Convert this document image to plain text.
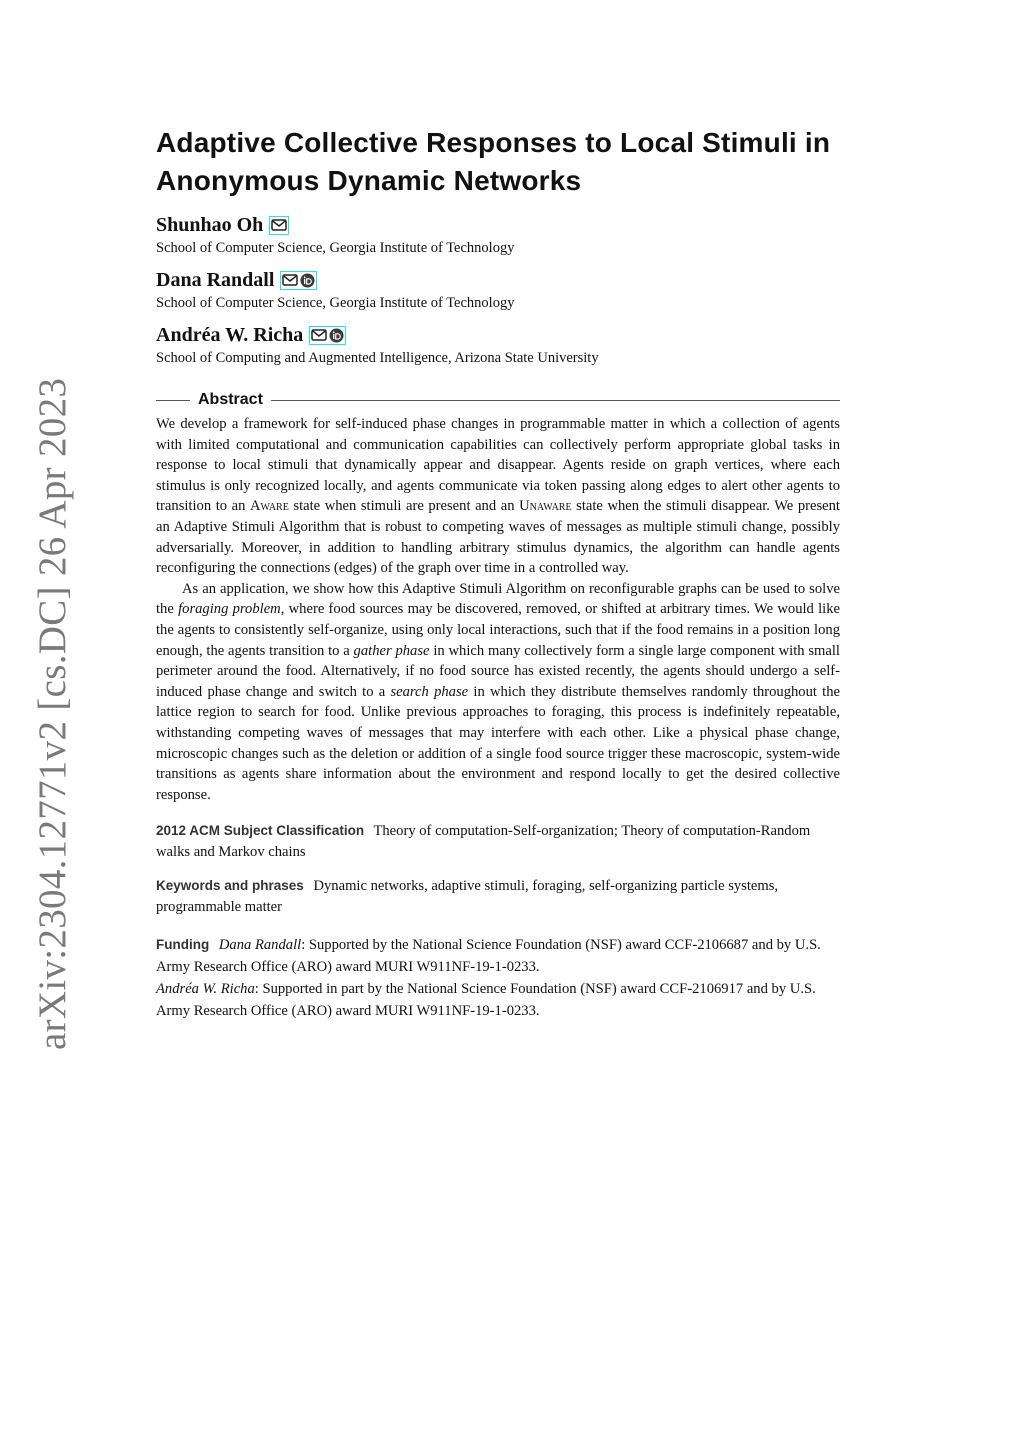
arXiv:2304.12771v2 [cs.DC] 26 Apr 2023
Adaptive Collective Responses to Local Stimuli in
Anonymous Dynamic Networks
Shunhao Oh
School of Computer Science, Georgia Institute of Technology
Dana Randall
School of Computer Science, Georgia Institute of Technology
Andréa W. Richa
School of Computing and Augmented Intelligence, Arizona State University
Abstract

We develop a framework for self-induced phase changes in programmable matter in which a collection of agents with limited computational and communication capabilities can collectively perform appropriate global tasks in response to local stimuli that dynamically appear and disappear. Agents reside on graph vertices, where each stimulus is only recognized locally, and agents communicate via token passing along edges to alert other agents to transition to an Aware state when stimuli are present and an Unaware state when the stimuli disappear. We present an Adaptive Stimuli Algorithm that is robust to competing waves of messages as multiple stimuli change, possibly adversarially. Moreover, in addition to handling arbitrary stimulus dynamics, the algorithm can handle agents reconfiguring the connections (edges) of the graph over time in a controlled way.

As an application, we show how this Adaptive Stimuli Algorithm on reconfigurable graphs can be used to solve the foraging problem, where food sources may be discovered, removed, or shifted at arbitrary times. We would like the agents to consistently self-organize, using only local interactions, such that if the food remains in a position long enough, the agents transition to a gather phase in which many collectively form a single large component with small perimeter around the food. Alternatively, if no food source has existed recently, the agents should undergo a self-induced phase change and switch to a search phase in which they distribute themselves randomly throughout the lattice region to search for food. Unlike previous approaches to foraging, this process is indefinitely repeatable, withstanding competing waves of messages that may interfere with each other. Like a physical phase change, microscopic changes such as the deletion or addition of a single food source trigger these macroscopic, system-wide transitions as agents share information about the environment and respond locally to get the desired collective response.

2012 ACM Subject Classification Theory of computation-Self-organization; Theory of computation-Random walks and Markov chains
Keywords and phrases Dynamic networks, adaptive stimuli, foraging, self-organizing particle systems, programmable matter
Funding Dana Randall: Supported by the National Science Foundation (NSF) award CCF-2106687 and by U.S. Army Research Office (ARO) award MURI W911NF-19-1-0233.
Andréa W. Richa: Supported in part by the National Science Foundation (NSF) award CCF-2106917 and by U.S. Army Research Office (ARO) award MURI W911NF-19-1-0233.
